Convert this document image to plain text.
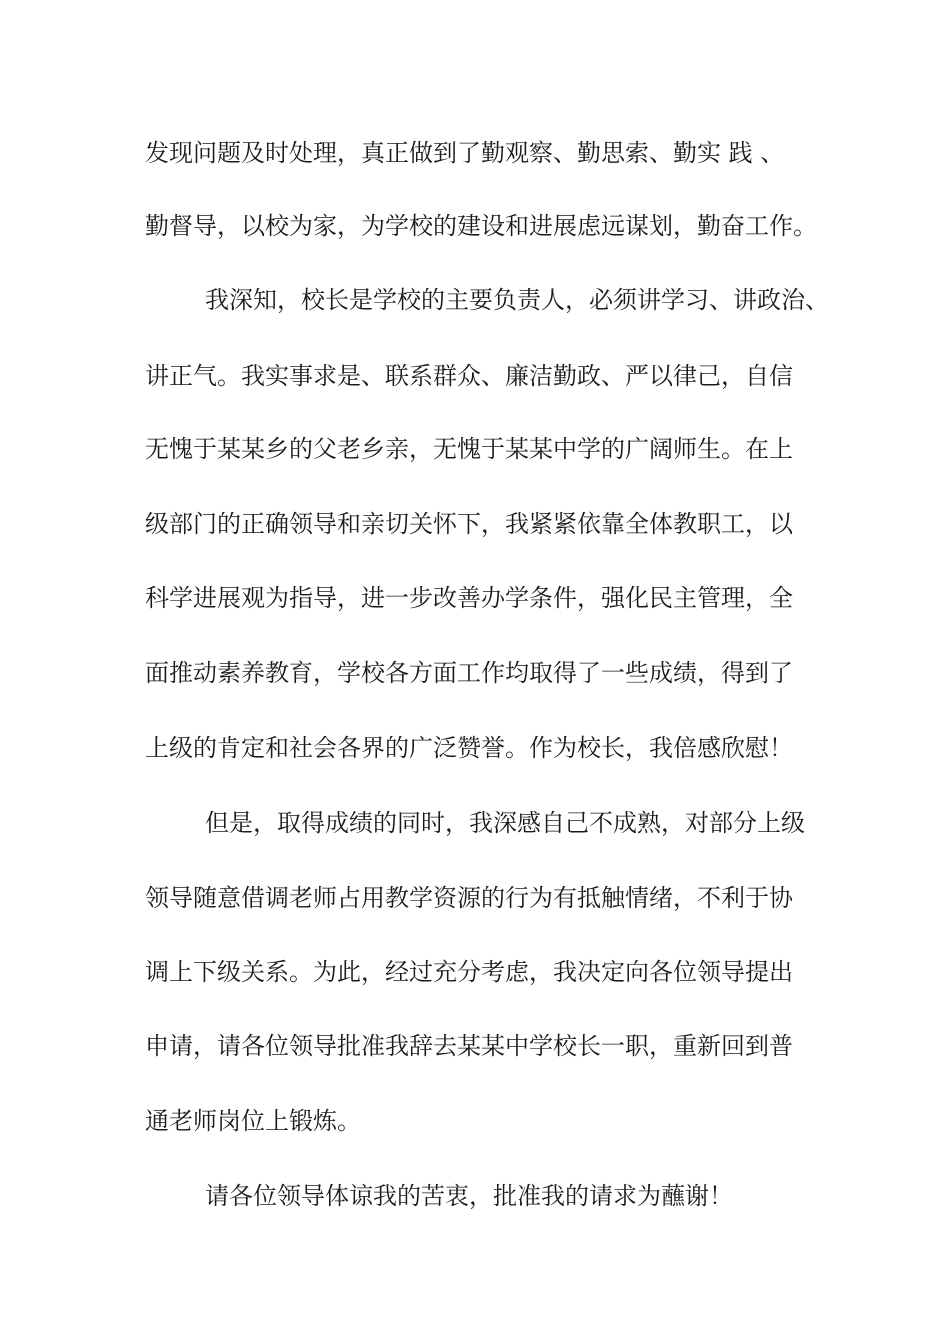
发现问题及时处理，真正做到了勤观察、勤思索、勤实 践 、

勤督导，以校为家，为学校的建设和进展虑远谋划，勤奋工作。

我深知，校长是学校的主要负责人，必须讲学习、讲政治、

讲正气。我实事求是、联系群众、廉洁勤政、严以律己，自信

无愧于某某乡的父老乡亲，无愧于某某中学的广阔师生。在上

级部门的正确领导和亲切关怀下，我紧紧依靠全体教职工，以

科学进展观为指导，进一步改善办学条件，强化民主管理，全

面推动素养教育，学校各方面工作均取得了一些成绩，得到了

上级的肯定和社会各界的广泛赞誉。作为校长，我倍感欣慰！

但是，取得成绩的同时，我深感自己不成熟，对部分上级

领导随意借调老师占用教学资源的行为有抵触情绪，不利于协

调上下级关系。为此，经过充分考虑，我决定向各位领导提出

申请，请各位领导批准我辞去某某中学校长一职，重新回到普

通老师岗位上锻炼。

请各位领导体谅我的苦衷，批准我的请求为蘸谢！
